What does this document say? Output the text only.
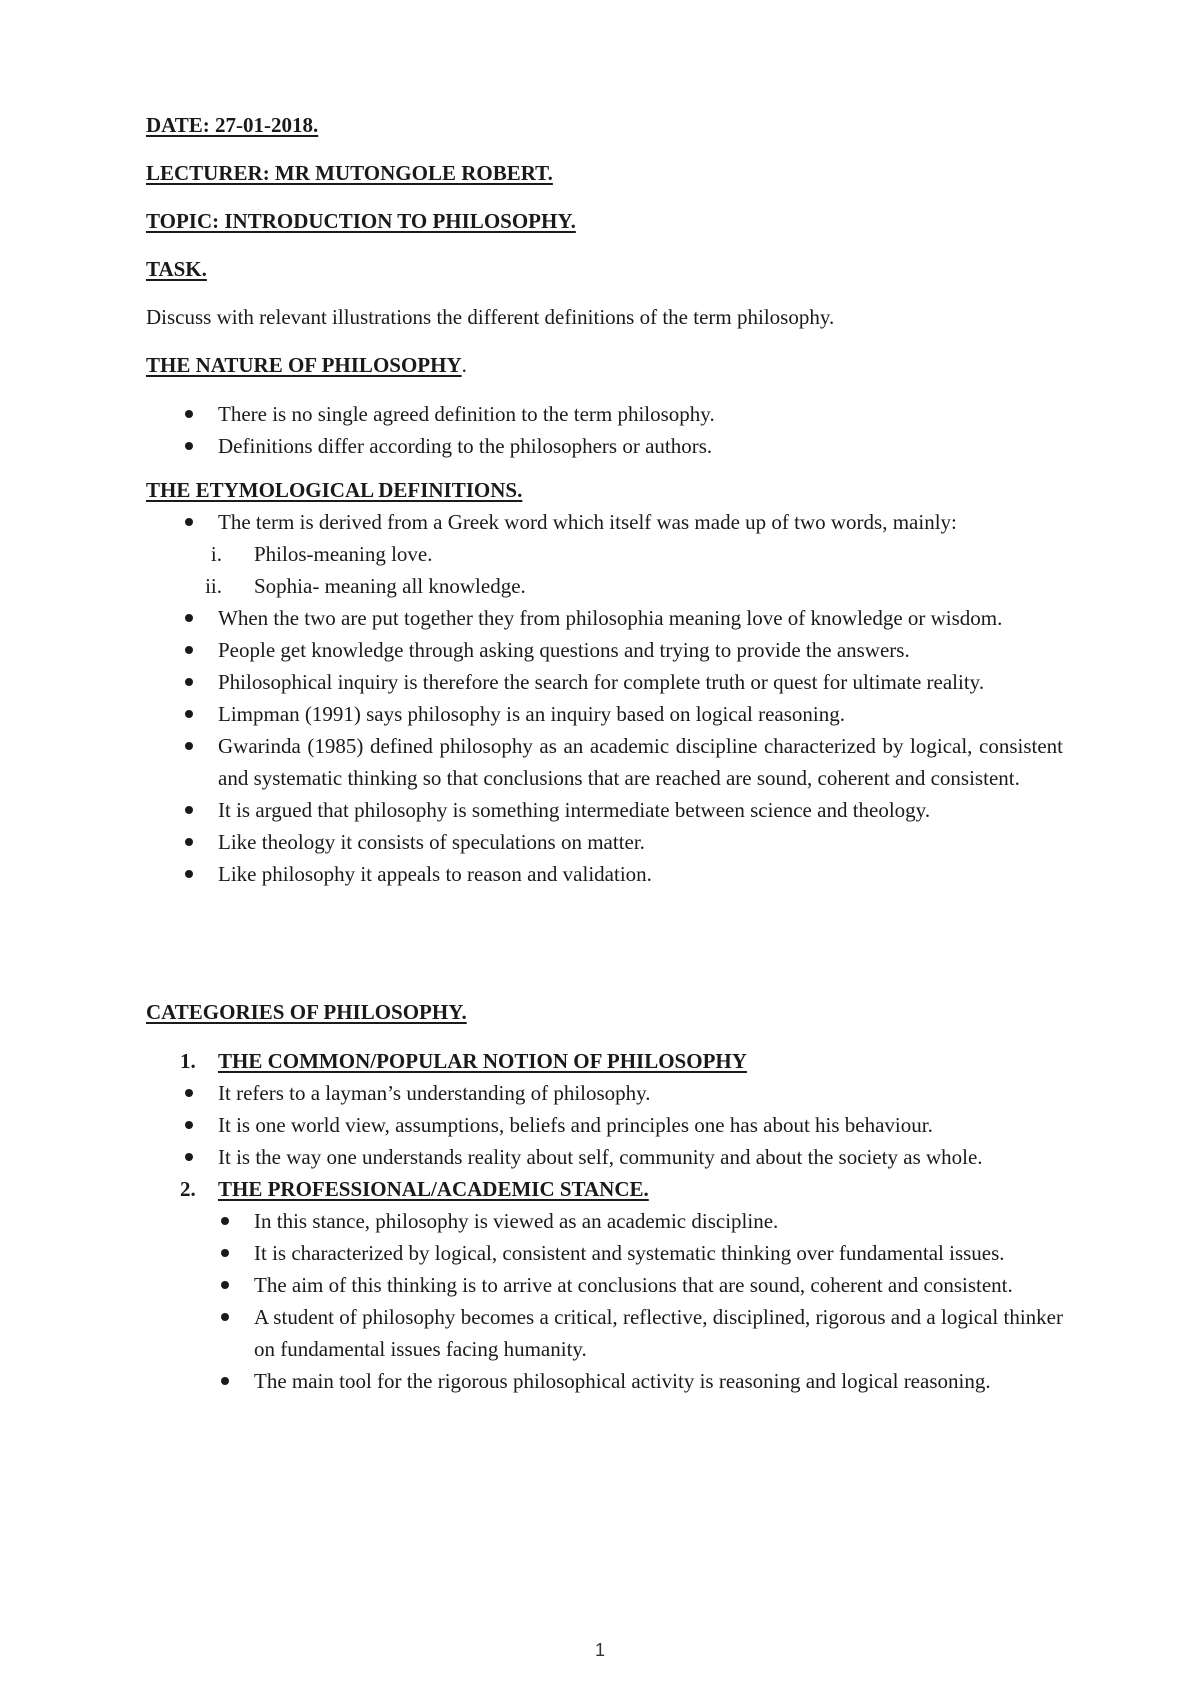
DATE: 27-01-2018.

LECTURER: MR MUTONGOLE ROBERT.

TOPIC: INTRODUCTION TO PHILOSOPHY.

TASK.

Discuss with relevant illustrations the different definitions of the term philosophy.

THE NATURE OF PHILOSOPHY.

There is no single agreed definition to the term philosophy.
Definitions differ according to the philosophers or authors.

THE ETYMOLOGICAL DEFINITIONS.

The term is derived from a Greek word which itself was made up of two words, mainly:
i. Philos-meaning love.
ii. Sophia- meaning all knowledge.
When the two are put together they from philosophia meaning love of knowledge or wisdom.
People get knowledge through asking questions and trying to provide the answers.
Philosophical inquiry is therefore the search for complete truth or quest for ultimate reality.
Limpman (1991) says philosophy is an inquiry based on logical reasoning.
Gwarinda (1985) defined philosophy as an academic discipline characterized by logical, consistent and systematic thinking so that conclusions that are reached are sound, coherent and consistent.
It is argued that philosophy is something intermediate between science and theology.
Like theology it consists of speculations on matter.
Like philosophy it appeals to reason and validation.

CATEGORIES OF PHILOSOPHY.

1. THE COMMON/POPULAR NOTION OF PHILOSOPHY
It refers to a layman’s understanding of philosophy.
It is one world view, assumptions, beliefs and principles one has about his behaviour.
It is the way one understands reality about self, community and about the society as whole.
2. THE PROFESSIONAL/ACADEMIC STANCE.
In this stance, philosophy is viewed as an academic discipline.
It is characterized by logical, consistent and systematic thinking over fundamental issues.
The aim of this thinking is to arrive at conclusions that are sound, coherent and consistent.
A student of philosophy becomes a critical, reflective, disciplined, rigorous and a logical thinker on fundamental issues facing humanity.
The main tool for the rigorous philosophical activity is reasoning and logical reasoning.
1
